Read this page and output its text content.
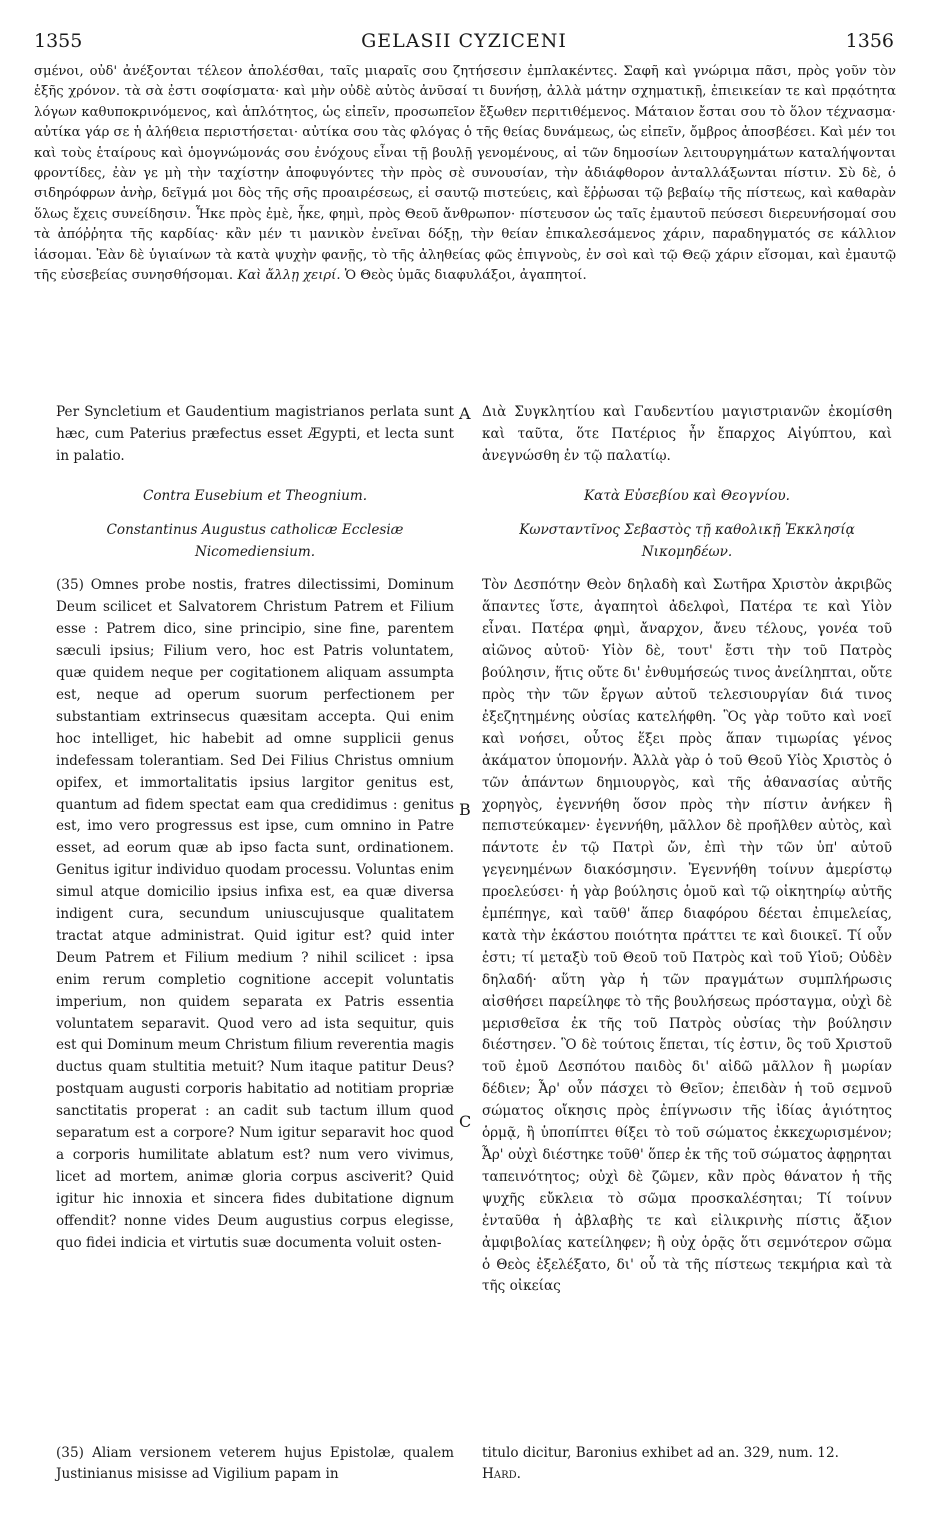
1355	GELASII CYZICENI	1356
σμένοι, οὐδ' ἀνέξονται τέλεον ἀπολέσθαι, ταῖς μιαραῖς σου ζητήσεσιν ἐμπλακέντες. Σαφῆ καὶ γνώριμα πᾶσι, πρὸς γοῦν τὸν ἑξῆς χρόνον. τὰ σὰ ἐστι σοφίσματα· καὶ μὴν οὐδὲ αὐτὸς ἀνῦσαί τι δυνήσῃ, ἀλλὰ μάτην σχηματικῇ, ἐπιεικείαν τε καὶ πρᾳότητα λόγων καθυποκρινόμενος, καὶ ἁπλότητος, ὡς εἰπεῖν, προσωπεῖον ἔξωθεν περιτιθέμενος. Μάταιον ἔσται σου τὸ ὅλον τέχνασμα· αὐτίκα γάρ σε ἡ ἀλήθεια περιστήσεται· αὐτίκα σου τὰς φλόγας ὁ τῆς θείας δυνάμεως, ὡς εἰπεῖν, ὄμβρος ἀποσβέσει. Καὶ μέν τοι καὶ τοὺς ἑταίρους καὶ ὁμογνώμονάς σου ἐνόχους εἶναι τῇ βουλῇ γενομένους, αἱ τῶν δημοσίων λειτουργημάτων καταλήψονται φροντίδες, ἐὰν γε μὴ τὴν ταχίστην ἀποφυγόντες τὴν πρὸς σὲ συνουσίαν, τὴν ἀδιάφθορον ἀνταλλάξωνται πίστιν. Σὺ δὲ, ὁ σιδηρόφρων ἀνὴρ, δεῖγμά μοι δὸς τῆς σῆς προαιρέσεως, εἰ σαυτῷ πιστεύεις, καὶ ἔῤῥωσαι τῷ βεβαίῳ τῆς πίστεως, καὶ καθαρὰν ὅλως ἔχεις συνείδησιν. Ἧκε πρὸς ἐμὲ, ἧκε, φημὶ, πρὸς Θεοῦ ἄνθρωπον· πίστευσον ὡς ταῖς ἐμαυτοῦ πεύσεσι διερευνήσομαί σου τὰ ἀπόῤῥητα τῆς καρδίας· κἂν μέν τι μανικὸν ἐνεῖναι δόξῃ, τὴν θείαν ἐπικαλεσάμενος χάριν, παραδηγματός σε κάλλιον ἰάσομαι. Ἐὰν δὲ ὑγιαίνων τὰ κατὰ ψυχὴν φανῇς, τὸ τῆς ἀληθείας φῶς ἐπιγνοὺς, ἐν σοὶ καὶ τῷ Θεῷ χάριν εἴσομαι, καὶ ἐμαυτῷ τῆς εὐσεβείας συνησθήσομαι. Καὶ ἄλλῃ χειρί. Ὁ Θεὸς ὑμᾶς διαφυλάξοι, ἀγαπητοί.
A
B
C

Per Syncletium et Gaudentium magistrianos perlata sunt hæc, cum Paterius præfectus esset Ægypti, et lecta sunt in palatio.

Contra Eusebium et Theognium.

Constantinus Augustus catholicæ Ecclesiæ Nicomediensium.

(35) Omnes probe nostis, fratres dilectissimi, Dominum Deum scilicet et Salvatorem Christum Patrem et Filium esse : Patrem dico, sine principio, sine fine, parentem sæculi ipsius; Filium vero, hoc est Patris voluntatem, quæ quidem neque per cogitationem aliquam assumpta est, neque ad operum suorum perfectionem per substantiam extrinsecus quæsitam accepta. Qui enim hoc intelliget, hic habebit ad omne supplicii genus indefessam tolerantiam. Sed Dei Filius Christus omnium opifex, et immortalitatis ipsius largitor genitus est, quantum ad fidem spectat eam qua credidimus : genitus est, imo vero progressus est ipse, cum omnino in Patre esset, ad eorum quæ ab ipso facta sunt, ordinationem. Genitus igitur individuo quodam processu. Voluntas enim simul atque domicilio ipsius infixa est, ea quæ diversa indigent cura, secundum uniuscujusque qualitatem tractat atque administrat. Quid igitur est? quid inter Deum Patrem et Filium medium ? nihil scilicet : ipsa enim rerum completio cognitione accepit voluntatis imperium, non quidem separata ex Patris essentia voluntatem separavit. Quod vero ad ista sequitur, quis est qui Dominum meum Christum filium reverentia magis ductus quam stultitia metuit? Num itaque patitur Deus? postquam augusti corporis habitatio ad notitiam propriæ sanctitatis properat : an cadit sub tactum illum quod separatum est a corpore? Num igitur separavit hoc quod a corporis humilitate ablatum est? num vero vivimus, licet ad mortem, animæ gloria corpus asciverit? Quid igitur hic innoxia et sincera fides dubitatione dignum offendit? nonne vides Deum augustius corpus elegisse, quo fidei indicia et virtutis suæ documenta voluit osten-

Διὰ Συγκλητίου καὶ Γαυδεντίου μαγιστριανῶν ἐκομίσθη καὶ ταῦτα, ὅτε Πατέριος ἦν ἔπαρχος Αἰγύπτου, καὶ ἀνεγνώσθη ἐν τῷ παλατίῳ.

Κατὰ Εὐσεβίου καὶ Θεογνίου.

Κωνσταντῖνος Σεβαστὸς τῇ καθολικῇ Ἐκκλησίᾳ Νικομηδέων.

Τὸν Δεσπότην Θεὸν δηλαδὴ καὶ Σωτῆρα Χριστὸν ἀκριβῶς ἅπαντες ἴστε, ἀγαπητοὶ ἀδελφοὶ, Πατέρα τε καὶ Υἱὸν εἶναι. Πατέρα φημὶ, ἄναρχον, ἄνευ τέλους, γονέα τοῦ αἰῶνος αὐτοῦ· Υἱὸν δὲ, τουτ' ἔστι τὴν τοῦ Πατρὸς βούλησιν, ἥτις οὔτε δι' ἐνθυμήσεώς τινος ἀνείληπται, οὔτε πρὸς τὴν τῶν ἔργων αὐτοῦ τελεσιουργίαν διά τινος ἐξεζητημένης οὐσίας κατελήφθη. Ὃς γὰρ τοῦτο καὶ νοεῖ καὶ νοήσει, οὗτος ἕξει πρὸς ἅπαν τιμωρίας γένος ἀκάματον ὑπομονήν. Ἀλλὰ γὰρ ὁ τοῦ Θεοῦ Υἱὸς Χριστὸς ὁ τῶν ἁπάντων δημιουργὸς, καὶ τῆς ἀθανασίας αὐτῆς χορηγὸς, ἐγεννήθη ὅσον πρὸς τὴν πίστιν ἀνήκεν ἣ πεπιστεύκαμεν· ἐγεννήθη, μᾶλλον δὲ προῆλθεν αὐτὸς, καὶ πάντοτε ἐν τῷ Πατρὶ ὤν, ἐπὶ τὴν τῶν ὑπ' αὐτοῦ γεγενημένων διακόσμησιν. Ἐγεννήθη τοίνυν ἀμερίστῳ προελεύσει· ἡ γὰρ βούλησις ὁμοῦ καὶ τῷ οἰκητηρίῳ αὐτῆς ἐμπέπηγε, καὶ ταῦθ' ἅπερ διαφόρου δέεται ἐπιμελείας, κατὰ τὴν ἑκάστου ποιότητα πράττει τε καὶ διοικεῖ. Τί οὖν ἐστι; τί μεταξὺ τοῦ Θεοῦ τοῦ Πατρὸς καὶ τοῦ Υἱοῦ; Οὐδὲν δηλαδή· αὕτη γὰρ ἡ τῶν πραγμάτων συμπλήρωσις αἰσθήσει παρείληφε τὸ τῆς βουλήσεως πρόσταγμα, οὐχὶ δὲ μερισθεῖσα ἐκ τῆς τοῦ Πατρὸς οὐσίας τὴν βούλησιν διέστησεν. Ὃ δὲ τούτοις ἕπεται, τίς ἐστιν, ὃς τοῦ Χριστοῦ τοῦ ἐμοῦ Δεσπότου παιδὸς δι' αἰδῶ μᾶλλον ἢ μωρίαν δέδιεν; Ἆρ' οὖν πάσχει τὸ Θεῖον; ἐπειδὰν ἡ τοῦ σεμνοῦ σώματος οἴκησις πρὸς ἐπίγνωσιν τῆς ἰδίας ἁγιότητος ὁρμᾷ, ἢ ὑποπίπτει θίξει τὸ τοῦ σώματος ἐκκεχωρισμένον; Ἆρ' οὐχὶ διέστηκε τοῦθ' ὅπερ ἐκ τῆς τοῦ σώματος ἀφῃρηται ταπεινότητος; οὐχὶ δὲ ζῶμεν, κἂν πρὸς θάνατον ἡ τῆς ψυχῆς εὔκλεια τὸ σῶμα προσκαλέσηται; Τί τοίνυν ἐνταῦθα ἡ ἀβλαβὴς τε καὶ εἰλικρινὴς πίστις ἄξιον ἀμφιβολίας κατείληφεν; ἢ οὐχ ὁρᾷς ὅτι σεμνότερον σῶμα ὁ Θεὸς ἐξελέξατο, δι' οὗ τὰ τῆς πίστεως τεκμήρια καὶ τὰ τῆς οἰκείας

(35) Aliam versionem veterem hujus Epistolæ, qualem Justinianus misisse ad Vigilium papam in
titulo dicitur, Baronius exhibet ad an. 329, num. 12.
Hard.
